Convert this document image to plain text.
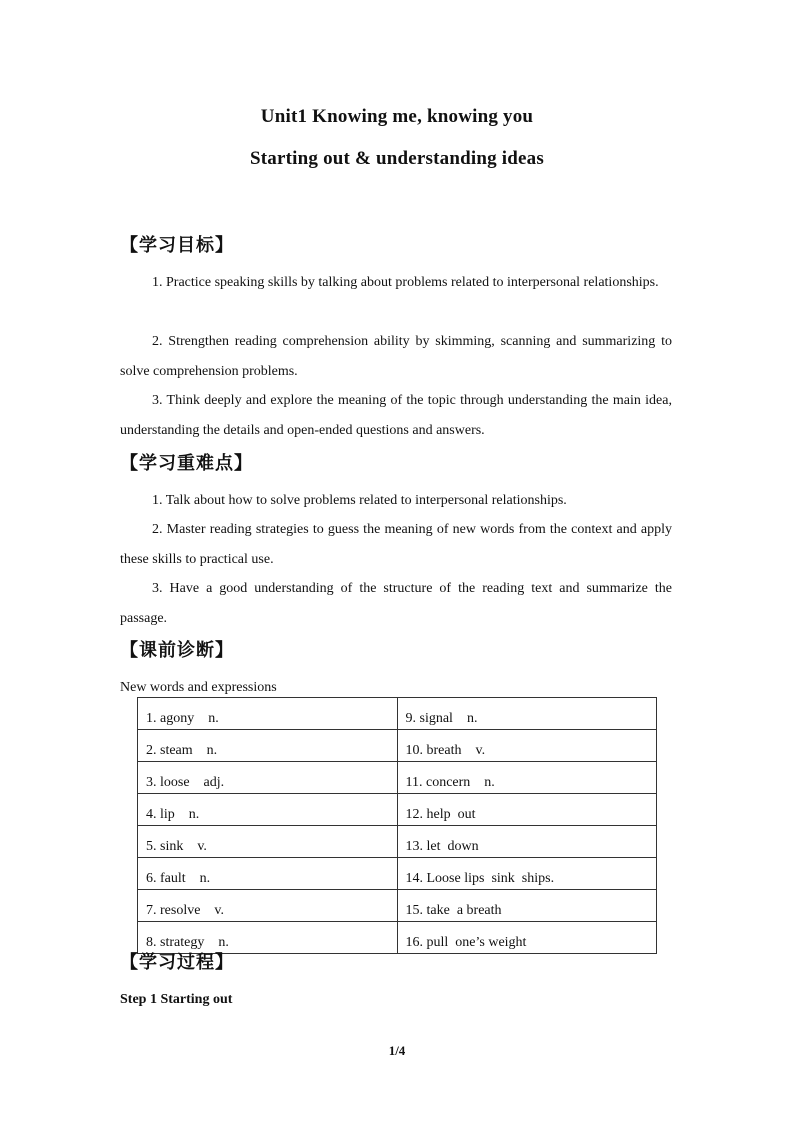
Unit1 Knowing me, knowing you
Starting out & understanding ideas
【学习目标】
1. Practice speaking skills by talking about problems related to interpersonal relationships.
2. Strengthen reading comprehension ability by skimming, scanning and summarizing to solve comprehension problems.
3. Think deeply and explore the meaning of the topic through understanding the main idea, understanding the details and open-ended questions and answers.
【学习重难点】
1. Talk about how to solve problems related to interpersonal relationships.
2. Master reading strategies to guess the meaning of new words from the context and apply these skills to practical use.
3. Have a good understanding of the structure of the reading text and summarize the passage.
【课前诊断】
New words and expressions
1. agony    n.	9. signal    n.
2. steam    n.	10. breath    v.
3. loose    adj.	11. concern    n.
4. lip    n.	12. help  out
5. sink    v.	13. let  down
6. fault    n.	14. Loose lips  sink  ships.
7. resolve    v.	15. take  a breath
8. strategy    n.	16. pull  one’s weight
【学习过程】
Step 1 Starting out
1/4
